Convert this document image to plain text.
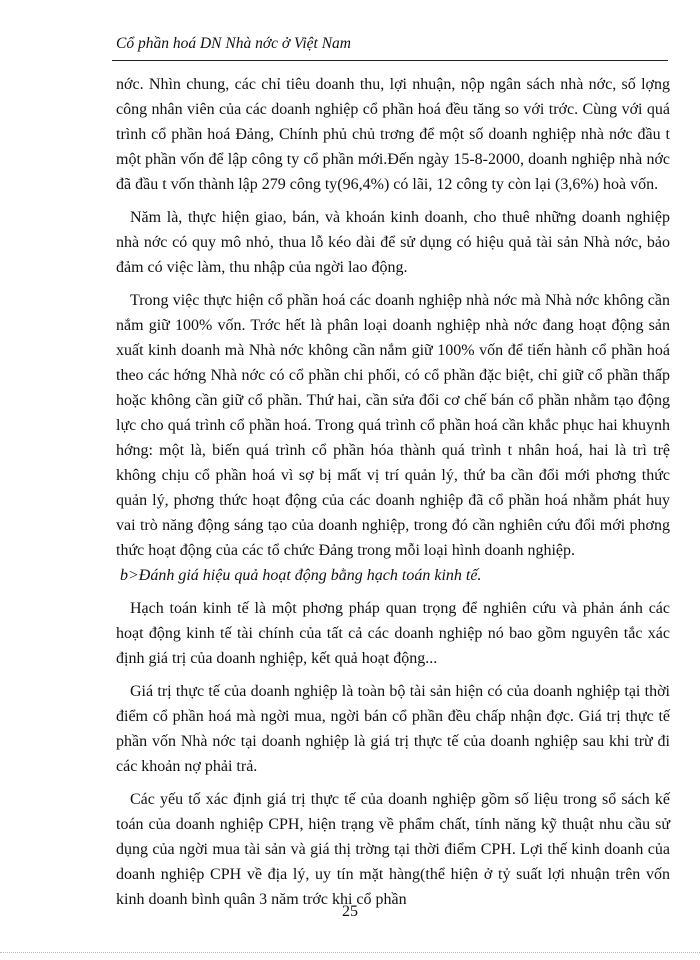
Cổ phần hoá DN Nhà nớc ở Việt Nam

nớc. Nhìn chung, các chỉ tiêu doanh thu, lợi nhuận, nộp ngân sách nhà nớc, số lợng công nhân viên của các doanh nghiệp cổ phần hoá đều tăng so với trớc. Cùng với quá trình cổ phần hoá Đảng, Chính phủ chủ trơng để một số doanh nghiệp nhà nớc đầu t một phần vốn để lập công ty cổ phần mới.Đến ngày 15-8-2000, doanh nghiệp nhà nớc đã đầu t vốn thành lập 279 công ty(96,4%) có lãi, 12 công ty còn lại (3,6%) hoà vốn.

Năm là, thực hiện giao, bán, và khoán kinh doanh, cho thuê những doanh nghiệp nhà nớc có quy mô nhỏ, thua lỗ kéo dài để sử dụng có hiệu quả tài sản Nhà nớc, bảo đảm có việc làm, thu nhập của ngời lao động.

Trong việc thực hiện cổ phần hoá các doanh nghiệp nhà nớc mà Nhà nớc không cần nắm giữ 100% vốn. Trớc hết là phân loại doanh nghiệp nhà nớc đang hoạt động sản xuất kinh doanh mà Nhà nớc không cần nắm giữ 100% vốn để tiến hành cổ phần hoá theo các hớng Nhà nớc có cổ phần chi phối, có cổ phần đặc biệt, chỉ giữ cổ phần thấp hoặc không cần giữ cổ phần. Thứ hai, cần sửa đổi cơ chế bán cổ phần nhằm tạo động lực cho quá trình cổ phần hoá. Trong quá trình cổ phần hoá cần khắc phục hai khuynh hớng: một là, biến quá trình cổ phần hóa thành quá trình t nhân hoá, hai là trì trệ không chịu cổ phần hoá vì sợ bị mất vị trí quản lý, thứ ba cần đổi mới phơng thức quản lý, phơng thức hoạt động của các doanh nghiệp đã cổ phần hoá nhằm phát huy vai trò năng động sáng tạo của doanh nghiệp, trong đó cần nghiên cứu đổi mới phơng thức hoạt động của các tổ chức Đảng trong mỗi loại hình doanh nghiệp.

b>Đánh giá hiệu quả hoạt động bằng hạch toán kinh tế.

Hạch toán kinh tế là một phơng pháp quan trọng để nghiên cứu và phản ánh các hoạt động kinh tế tài chính của tất cả các doanh nghiệp nó bao gồm nguyên tắc xác định giá trị của doanh nghiệp, kết quả hoạt động...

Giá trị thực tế của doanh nghiệp là toàn bộ tài sản hiện có của doanh nghiệp tại thời điểm cổ phần hoá mà ngời mua, ngời bán cổ phần đều chấp nhận đợc. Giá trị thực tế phần vốn Nhà nớc tại doanh nghiệp là giá trị thực tế của doanh nghiệp sau khi trừ đi các khoản nợ phải trả.

Các yếu tố xác định giá trị thực tế của doanh nghiệp gồm số liệu trong sổ sách kế toán của doanh nghiệp CPH, hiện trạng về phẩm chất, tính năng kỹ thuật nhu cầu sử dụng của ngời mua tài sản và giá thị trờng tại thời điểm CPH. Lợi thế kinh doanh của doanh nghiệp CPH về địa lý, uy tín mặt hàng(thể hiện ở tỷ suất lợi nhuận trên vốn kinh doanh bình quân 3 năm trớc khi cổ phần

25
